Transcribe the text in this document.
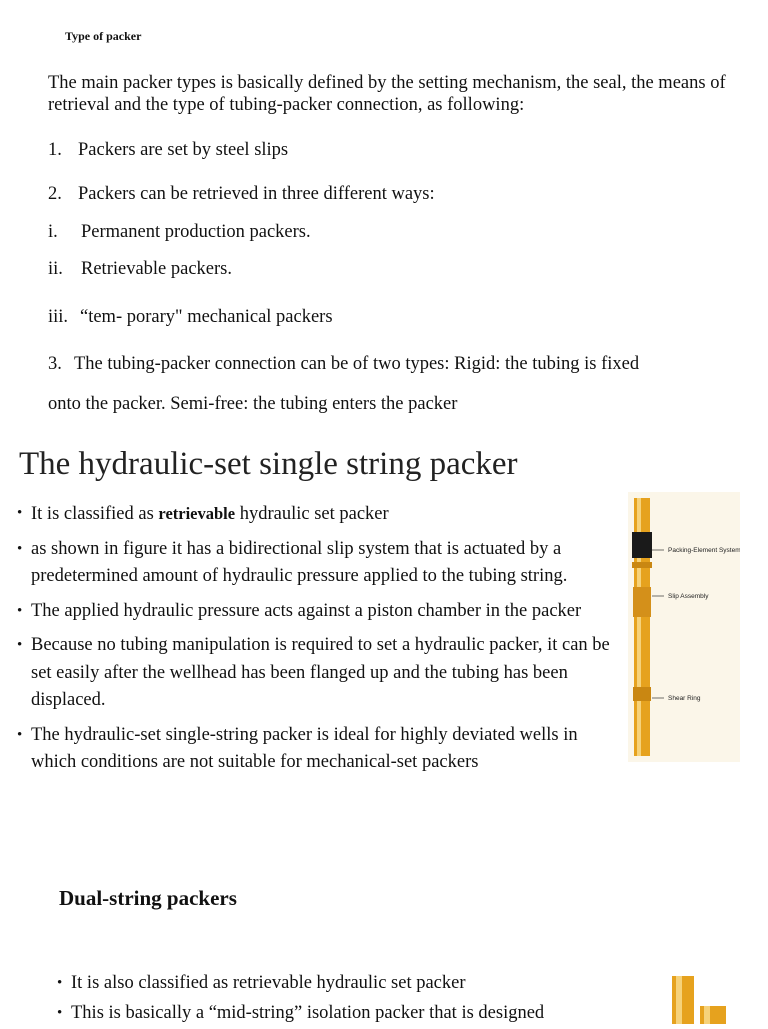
Type of packer
The main packer types is basically defined by the setting mechanism, the seal, the means of retrieval and the type of tubing-packer connection, as following:
1. Packers are set by steel slips
2. Packers can be retrieved in three different ways:
i. Permanent production packers.
ii. Retrievable packers.
iii. “tem- porary" mechanical packers
3. The tubing-packer connection can be of two types: Rigid: the tubing is fixed
onto the packer. Semi-free: the tubing enters the packer
The hydraulic-set single string packer
• It is classified as retrievable hydraulic set packer
• as shown in figure it has a bidirectional slip system that is actuated by a predetermined amount of hydraulic pressure applied to the tubing string.
• The applied hydraulic pressure acts against a piston chamber in the packer
• Because no tubing manipulation is required to set a hydraulic packer, it can be set easily after the wellhead has been flanged up and the tubing has been displaced.
• The hydraulic-set single-string packer is ideal for highly deviated wells in which conditions are not suitable for mechanical-set packers
Packing-Element System
Slip Assembly
Shear Ring
Dual-string packers
• It is also classified as retrievable hydraulic set packer
• This is basically a “mid-string” isolation packer that is designed
